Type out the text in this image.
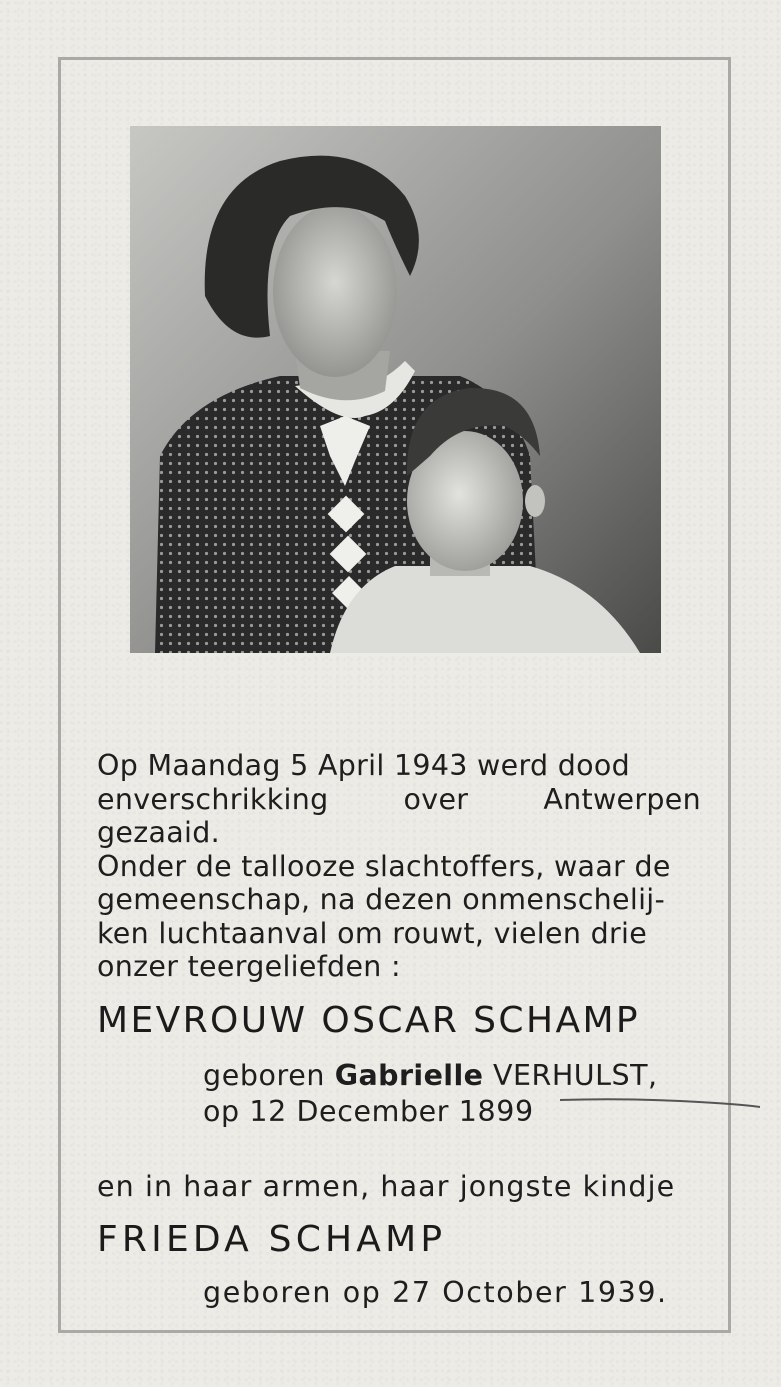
Op Maandag 5 April 1943 werd dood

enverschrikking over Antwerpen gezaaid.

Onder de tallooze slachtoffers, waar de

gemeenschap, na dezen onmenschelij-

ken luchtaanval om rouwt, vielen drie

onzer teergeliefden :

MEVROUW OSCAR SCHAMP
geboren Gabrielle VERHULST,
op 12 December 1899
en in haar armen, haar jongste kindje
FRIEDA SCHAMP
geboren op 27 October 1939.
